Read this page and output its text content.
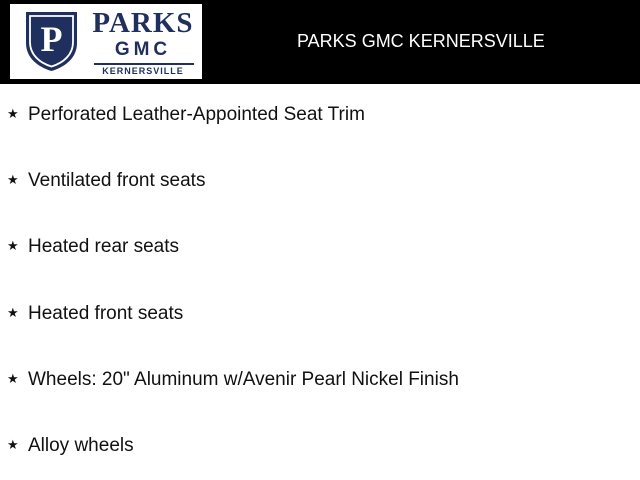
P PARKS
GMC
KERNERSVILLE
PARKS GMC KERNERSVILLE
★ Perforated Leather-Appointed Seat Trim
★ Ventilated front seats
★ Heated rear seats
★ Heated front seats
★ Wheels: 20" Aluminum w/Avenir Pearl Nickel Finish
★ Alloy wheels
